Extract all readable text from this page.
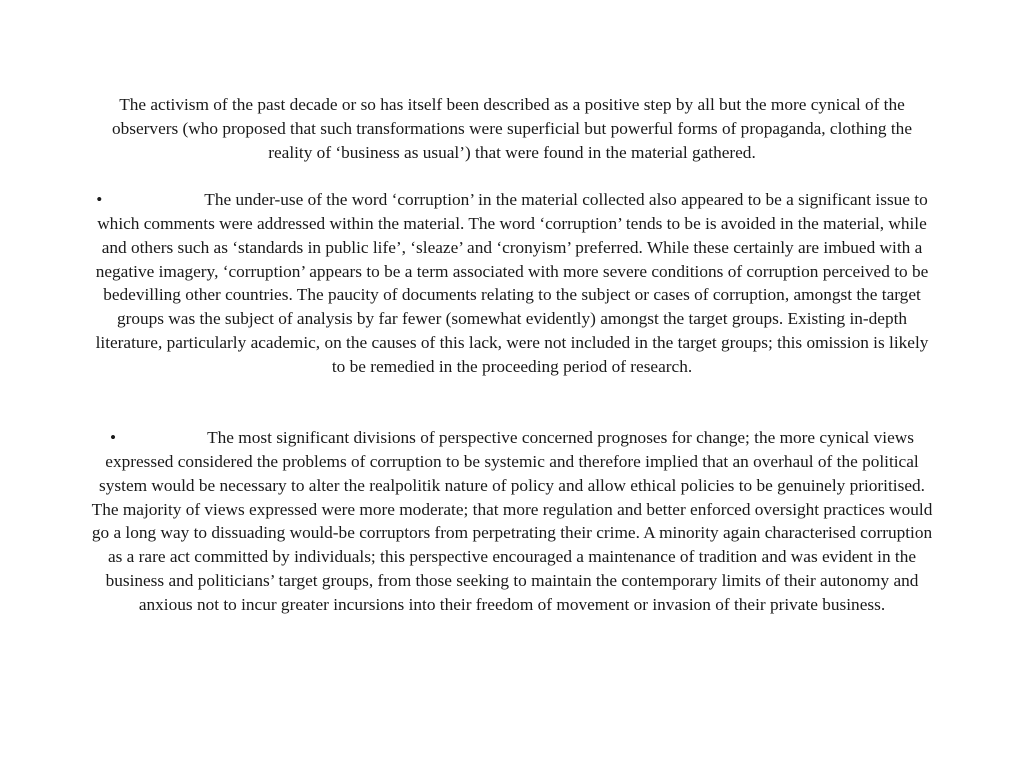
The activism of the past decade or so has itself been described as a positive step by all but the more cynical of the observers (who proposed that such transformations were superficial but powerful forms of propaganda, clothing the reality of ‘business as usual’) that were found in the material gathered.

•	The under-use of the word ‘corruption’ in the material collected also appeared to be a significant issue to which comments were addressed within the material. The word ‘corruption’ tends to be is avoided in the material, while and others such as ‘standards in public life’, ‘sleaze’ and ‘cronyism’ preferred. While these certainly are imbued with a negative imagery, ‘corruption’ appears to be a term associated with more severe conditions of corruption perceived to be bedevilling other countries. The paucity of documents relating to the subject or cases of corruption, amongst the target groups was the subject of analysis by far fewer (somewhat evidently) amongst the target groups. Existing in-depth literature, particularly academic, on the causes of this lack, were not included in the target groups; this omission is likely to be remedied in the proceeding period of research.

•	The most significant divisions of perspective concerned prognoses for change; the more cynical views expressed considered the problems of corruption to be systemic and therefore implied that an overhaul of the political system would be necessary to alter the realpolitik nature of policy and allow ethical policies to be genuinely prioritised. The majority of views expressed were more moderate; that more regulation and better enforced oversight practices would go a long way to dissuading would-be corruptors from perpetrating their crime. A minority again characterised corruption as a rare act committed by individuals; this perspective encouraged a maintenance of tradition and was evident in the business and politicians’ target groups, from those seeking to maintain the contemporary limits of their autonomy and anxious not to incur greater incursions into their freedom of movement or invasion of their private business.
